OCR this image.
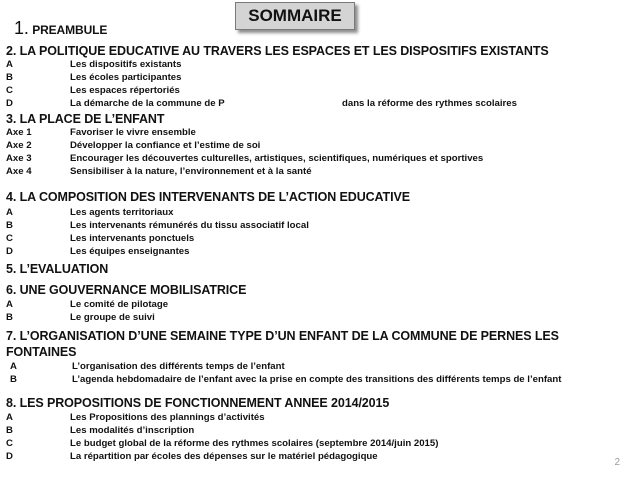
SOMMAIRE
1. PREAMBULE
2. LA POLITIQUE EDUCATIVE AU TRAVERS LES ESPACES ET LES DISPOSITIFS EXISTANTS
A	Les dispositifs existants
B	Les écoles participantes
C	Les espaces répertoriés
D	La démarche de la commune de P	dans la réforme des rythmes scolaires
3. LA PLACE DE L’ENFANT
Axe 1	Favoriser le vivre ensemble
Axe 2	Développer la confiance et l’estime de soi
Axe 3	Encourager les découvertes culturelles, artistiques, scientifiques, numériques et sportives
Axe 4	Sensibiliser à la nature, l’environnement et à la santé
4. LA COMPOSITION DES INTERVENANTS DE L’ACTION EDUCATIVE
A	Les agents territoriaux
B	Les intervenants rémunérés du tissu associatif local
C	Les intervenants ponctuels
D	Les équipes enseignantes
5. L’EVALUATION
6. UNE GOUVERNANCE MOBILISATRICE
A	Le comité de pilotage
B	Le groupe de suivi
7. L’ORGANISATION D’UNE SEMAINE TYPE D’UN ENFANT DE LA COMMUNE DE PERNES LES FONTAINES
A	L’organisation des différents temps de l’enfant
B	L’agenda hebdomadaire de l’enfant avec la prise en compte des transitions des différents temps de l’enfant
8. LES PROPOSITIONS DE FONCTIONNEMENT ANNEE 2014/2015
A	Les Propositions des plannings d’activités
B	Les modalités d’inscription
C	Le budget global de la réforme des rythmes scolaires (septembre 2014/juin 2015)
D	La répartition par écoles des dépenses sur le matériel pédagogique
2
